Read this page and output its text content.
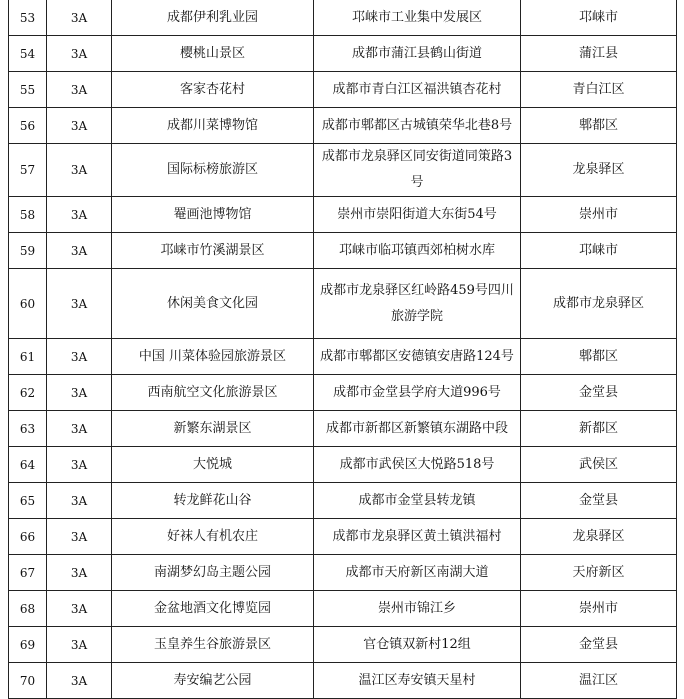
53	3A	成都伊利乳业园	邛崃市工业集中发展区	邛崃市
54	3A	樱桃山景区	成都市蒲江县鹤山街道	蒲江县
55	3A	客家杏花村	成都市青白江区福洪镇杏花村	青白江区
56	3A	成都川菜博物馆	成都市郫都区古城镇荣华北巷8号	郫都区
57	3A	国际标榜旅游区	成都市龙泉驿区同安街道同策路3号	龙泉驿区
58	3A	罨画池博物馆	崇州市崇阳街道大东街54号	崇州市
59	3A	邛崃市竹溪湖景区	邛崃市临邛镇西郊柏树水库	邛崃市
60	3A	休闲美食文化园	成都市龙泉驿区红岭路459号四川旅游学院	成都市龙泉驿区
61	3A	中国 川菜体验园旅游景区	成都市郫都区安德镇安唐路124号	郫都区
62	3A	西南航空文化旅游景区	成都市金堂县学府大道996号	金堂县
63	3A	新繁东湖景区	成都市新都区新繁镇东湖路中段	新都区
64	3A	大悦城	成都市武侯区大悦路518号	武侯区
65	3A	转龙鲜花山谷	成都市金堂县转龙镇	金堂县
66	3A	好袜人有机农庄	成都市龙泉驿区黄土镇洪福村	龙泉驿区
67	3A	南湖梦幻岛主题公园	成都市天府新区南湖大道	天府新区
68	3A	金盆地酒文化博览园	崇州市锦江乡	崇州市
69	3A	玉皇养生谷旅游景区	官仓镇双新村12组	金堂县
70	3A	寿安编艺公园	温江区寿安镇天星村	温江区
